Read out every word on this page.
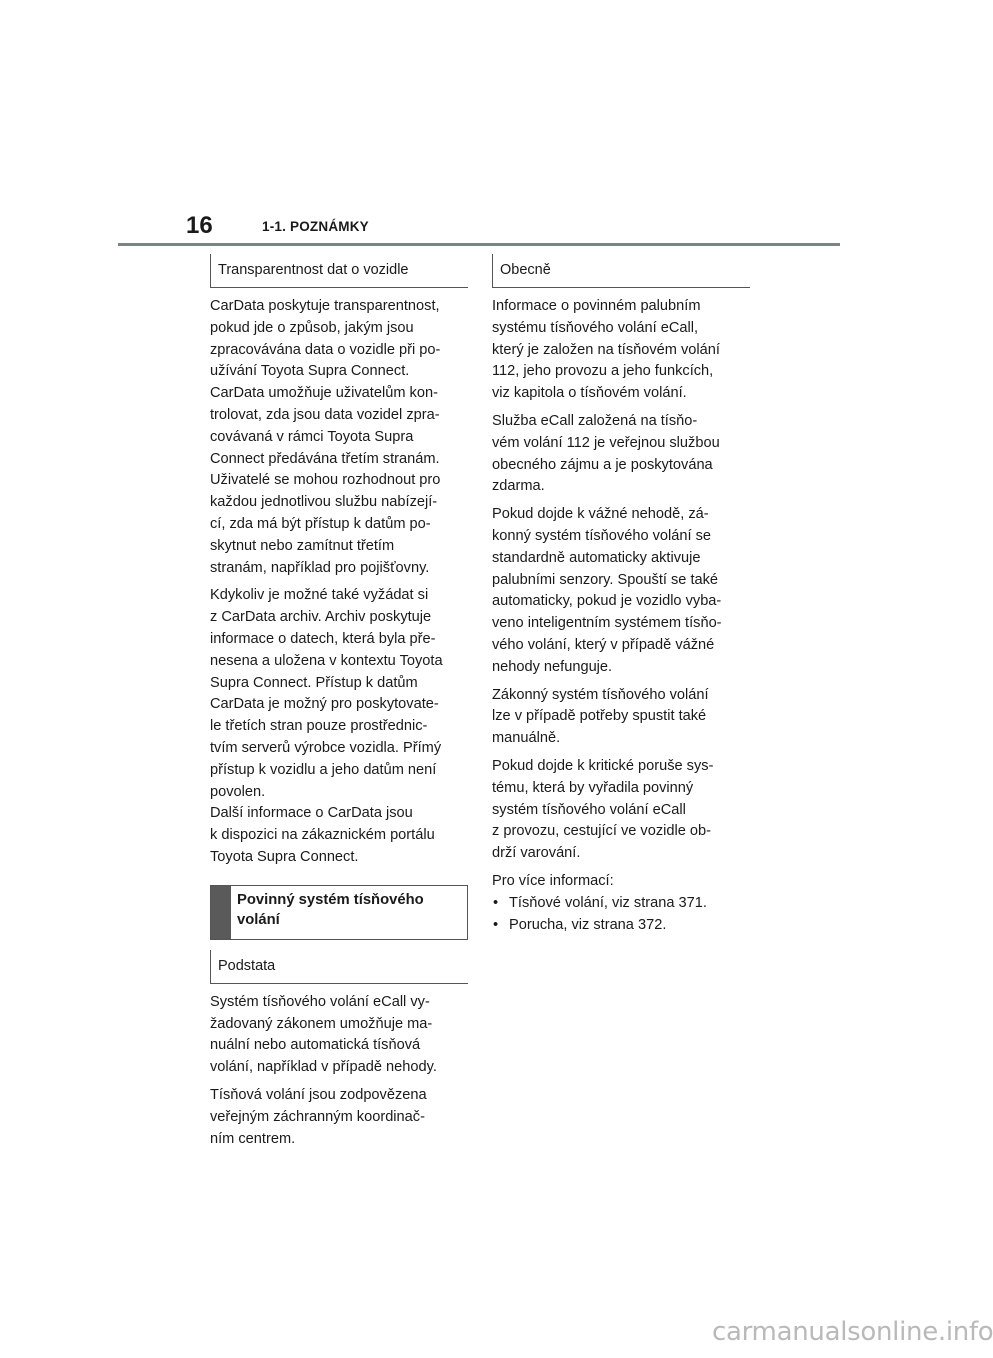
16	1-1. POZNÁMKY
Transparentnost dat o vozidle

CarData poskytuje transparentnost,
pokud jde o způsob, jakým jsou
zpracovávána data o vozidle při po-
užívání Toyota Supra Connect.
CarData umožňuje uživatelům kon-
trolovat, zda jsou data vozidel zpra-
covávaná v rámci Toyota Supra
Connect předávána třetím stranám.
Uživatelé se mohou rozhodnout pro
každou jednotlivou službu nabízejí-
cí, zda má být přístup k datům po-
skytnut nebo zamítnut třetím
stranám, například pro pojišťovny.

Kdykoliv je možné také vyžádat si
z CarData archiv. Archiv poskytuje
informace o datech, která byla pře-
nesena a uložena v kontextu Toyota
Supra Connect. Přístup k datům
CarData je možný pro poskytovate-
le třetích stran pouze prostřednic-
tvím serverů výrobce vozidla. Přímý
přístup k vozidlu a jeho datům není
povolen.
Další informace o CarData jsou
k dispozici na zákaznickém portálu
Toyota Supra Connect.

Povinný systém tísňového
volání
Podstata

Systém tísňového volání eCall vy-
žadovaný zákonem umožňuje ma-
nuální nebo automatická tísňová
volání, například v případě nehody.

Tísňová volání jsou zodpovězena
veřejným záchranným koordinač-
ním centrem.

Obecně

Informace o povinném palubním
systému tísňového volání eCall,
který je založen na tísňovém volání
112, jeho provozu a jeho funkcích,
viz kapitola o tísňovém volání.

Služba eCall založená na tísňo-
vém volání 112 je veřejnou službou
obecného zájmu a je poskytována
zdarma.

Pokud dojde k vážné nehodě, zá-
konný systém tísňového volání se
standardně automaticky aktivuje
palubními senzory. Spouští se také
automaticky, pokud je vozidlo vyba-
veno inteligentním systémem tísňo-
vého volání, který v případě vážné
nehody nefunguje.

Zákonný systém tísňového volání
lze v případě potřeby spustit také
manuálně.

Pokud dojde k kritické poruše sys-
tému, která by vyřadila povinný
systém tísňového volání eCall
z provozu, cestující ve vozidle ob-
drží varování.

Pro více informací:

• Tísňové volání, viz strana 371.
• Porucha, viz strana 372.
carmanualsonline.info
